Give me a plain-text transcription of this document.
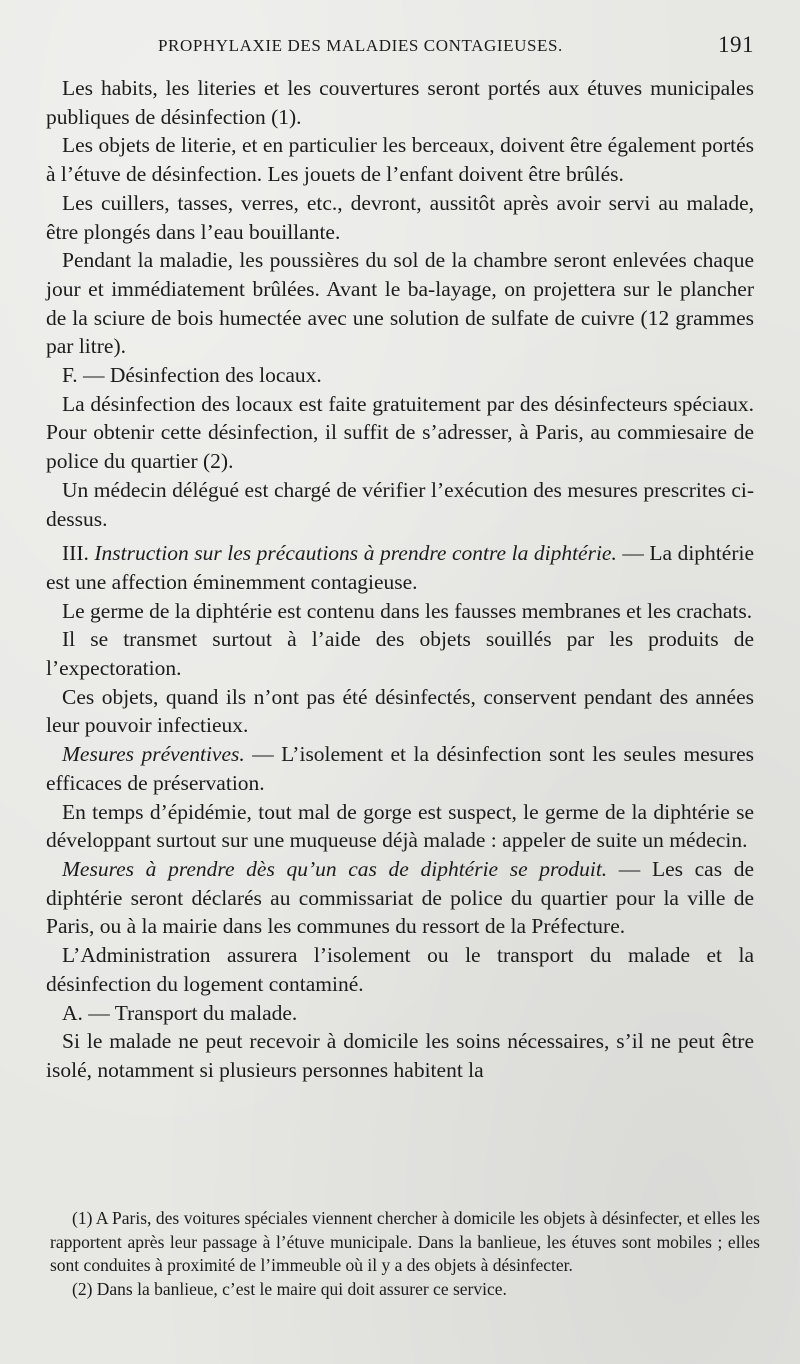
PROPHYLAXIE DES MALADIES CONTAGIEUSES.	191

Les habits, les literies et les couvertures seront portés aux étuves municipales publiques de désinfection (1).

Les objets de literie, et en particulier les berceaux, doivent être également portés à l’étuve de désinfection. Les jouets de l’enfant doivent être brûlés.

Les cuillers, tasses, verres, etc., devront, aussitôt après avoir servi au malade, être plongés dans l’eau bouillante.

Pendant la maladie, les poussières du sol de la chambre seront enlevées chaque jour et immédiatement brûlées. Avant le ba-layage, on projettera sur le plancher de la sciure de bois humectée avec une solution de sulfate de cuivre (12 grammes par litre).

F. — Désinfection des locaux.

La désinfection des locaux est faite gratuitement par des désinfecteurs spéciaux. Pour obtenir cette désinfection, il suffit de s’adresser, à Paris, au commiesaire de police du quartier (2).

Un médecin délégué est chargé de vérifier l’exécution des mesures prescrites ci-dessus.

III. Instruction sur les précautions à prendre contre la diphtérie. — La diphtérie est une affection éminemment contagieuse.

Le germe de la diphtérie est contenu dans les fausses membranes et les crachats.

Il se transmet surtout à l’aide des objets souillés par les produits de l’expectoration.

Ces objets, quand ils n’ont pas été désinfectés, conservent pendant des années leur pouvoir infectieux.

Mesures préventives. — L’isolement et la désinfection sont les seules mesures efficaces de préservation.

En temps d’épidémie, tout mal de gorge est suspect, le germe de la diphtérie se développant surtout sur une muqueuse déjà malade : appeler de suite un médecin.

Mesures à prendre dès qu’un cas de diphtérie se produit. — Les cas de diphtérie seront déclarés au commissariat de police du quartier pour la ville de Paris, ou à la mairie dans les communes du ressort de la Préfecture.

L’Administration assurera l’isolement ou le transport du malade et la désinfection du logement contaminé.

A. — Transport du malade.

Si le malade ne peut recevoir à domicile les soins nécessaires, s’il ne peut être isolé, notamment si plusieurs personnes habitent la

(1) A Paris, des voitures spéciales viennent chercher à domicile les objets à désinfecter, et elles les rapportent après leur passage à l’étuve municipale. Dans la banlieue, les étuves sont mobiles ; elles sont conduites à proximité de l’immeuble où il y a des objets à désinfecter.

(2) Dans la banlieue, c’est le maire qui doit assurer ce service.
